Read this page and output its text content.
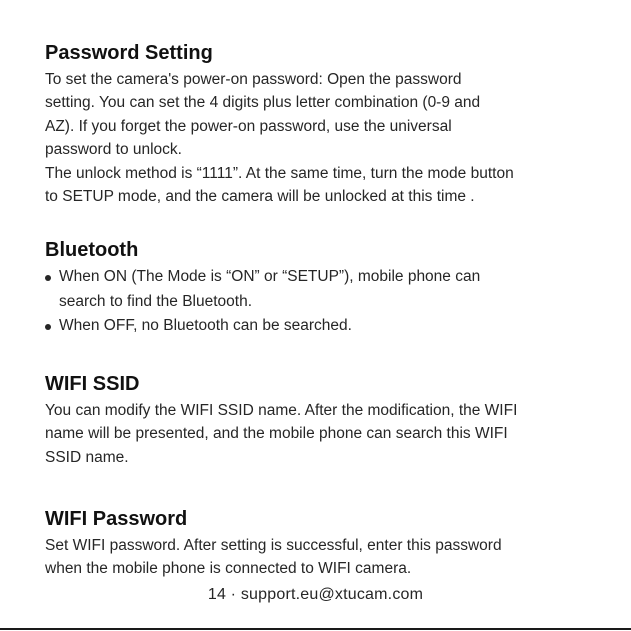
Password Setting
To set the camera's power-on password: Open the password
setting. You can set the 4 digits plus letter combination (0-9 and
AZ). If you forget the power-on password, use the universal
password to unlock.
The unlock method is “1111”. At the same time, turn the mode button
to SETUP mode, and the camera will be unlocked at this time .
Bluetooth
When ON (The Mode is “ON” or “SETUP”), mobile phone can
search to find the Bluetooth.
When OFF, no Bluetooth can be searched.
WIFI SSID
You can modify the WIFI SSID name. After the modification, the WIFI
name will be presented, and the mobile phone can search this WIFI
SSID name.
WIFI Password
Set WIFI password. After setting is successful, enter this password
when the mobile phone is connected to WIFI camera.
14 · support.eu@xtucam.com
